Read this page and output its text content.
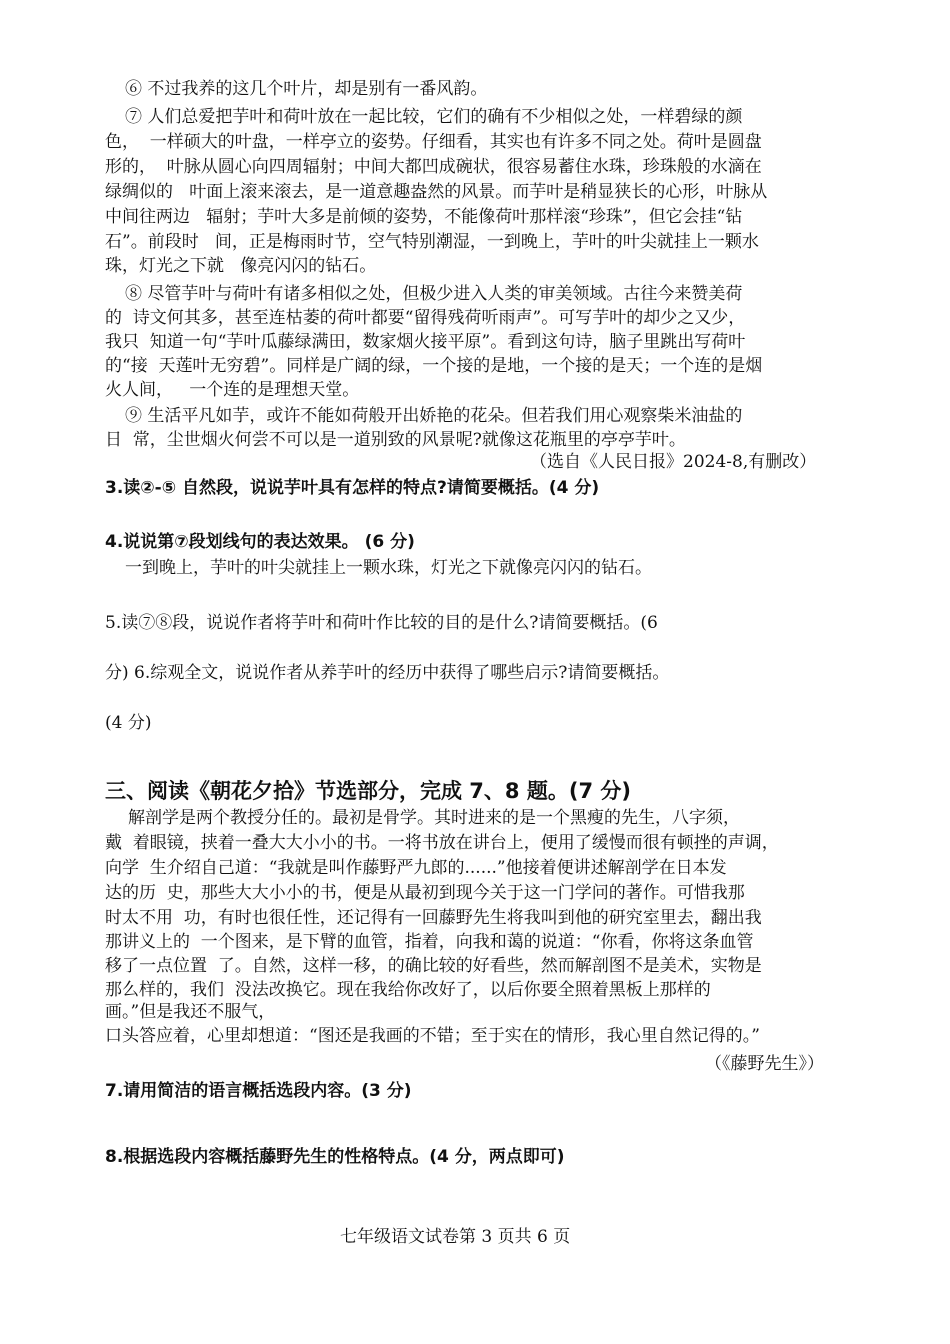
⑥ 不过我养的这几个叶片，却是别有一番风韵。
⑦ 人们总爱把芋叶和荷叶放在一起比较，它们的确有不少相似之处，一样碧绿的颜
色，  一样硕大的叶盘，一样亭立的姿势。仔细看，其实也有许多不同之处。荷叶是圆盘
形的，  叶脉从圆心向四周辐射；中间大都凹成碗状，很容易蓄住水珠，珍珠般的水滴在
绿绸似的   叶面上滚来滚去，是一道意趣盎然的风景。而芋叶是稍显狭长的心形，叶脉从
中间往两边   辐射；芋叶大多是前倾的姿势，不能像荷叶那样滚“珍珠”，但它会挂“钻
石”。前段时   间，正是梅雨时节，空气特别潮湿，一到晚上，芋叶的叶尖就挂上一颗水
珠，灯光之下就   像亮闪闪的钻石。
⑧ 尽管芋叶与荷叶有诸多相似之处，但极少进入人类的审美领域。古往今来赞美荷
的  诗文何其多，甚至连枯萎的荷叶都要“留得残荷听雨声”。可写芋叶的却少之又少，
我只  知道一句“芋叶瓜藤绿满田，数家烟火接平原”。看到这句诗，脑子里跳出写荷叶
的“接  天莲叶无穷碧”。同样是广阔的绿，一个接的是地，一个接的是天；一个连的是烟
火人间，   一个连的是理想天堂。
⑨ 生活平凡如芋，或许不能如荷般开出娇艳的花朵。但若我们用心观察柴米油盐的
日  常，尘世烟火何尝不可以是一道别致的风景呢?就像这花瓶里的亭亭芋叶。
（选自《人民日报》2024-8,有删改）
3.读②-⑤ 自然段，说说芋叶具有怎样的特点?请简要概括。(4 分)
4.说说第⑦段划线句的表达效果。 (6 分)
一到晚上，芋叶的叶尖就挂上一颗水珠，灯光之下就像亮闪闪的钻石。
5.读⑦⑧段，说说作者将芋叶和荷叶作比较的目的是什么?请简要概括。(6
分) 6.综观全文，说说作者从养芋叶的经历中获得了哪些启示?请简要概括。
(4 分)
三、阅读《朝花夕拾》节选部分，完成 7、8 题。(7 分)
解剖学是两个教授分任的。最初是骨学。其时进来的是一个黑瘦的先生，八字须，
戴  着眼镜，挟着一叠大大小小的书。一将书放在讲台上，便用了缓慢而很有顿挫的声调，
向学  生介绍自己道：“我就是叫作藤野严九郎的......”他接着便讲述解剖学在日本发
达的历  史，那些大大小小的书，便是从最初到现今关于这一门学问的著作。可惜我那
时太不用  功，有时也很任性，还记得有一回藤野先生将我叫到他的研究室里去，翻出我
那讲义上的  一个图来，是下臂的血管，指着，向我和蔼的说道：“你看，你将这条血管
移了一点位置  了。自然，这样一移，的确比较的好看些，然而解剖图不是美术，实物是
那么样的，我们  没法改换它。现在我给你改好了，以后你要全照着黑板上那样的
画。”但是我还不服气，
口头答应着，心里却想道：“图还是我画的不错；至于实在的情形，我心里自然记得的。”
（《藤野先生》）
7.请用简洁的语言概括选段内容。(3 分)
8.根据选段内容概括藤野先生的性格特点。(4 分，两点即可)
七年级语文试卷第 3 页共 6 页
